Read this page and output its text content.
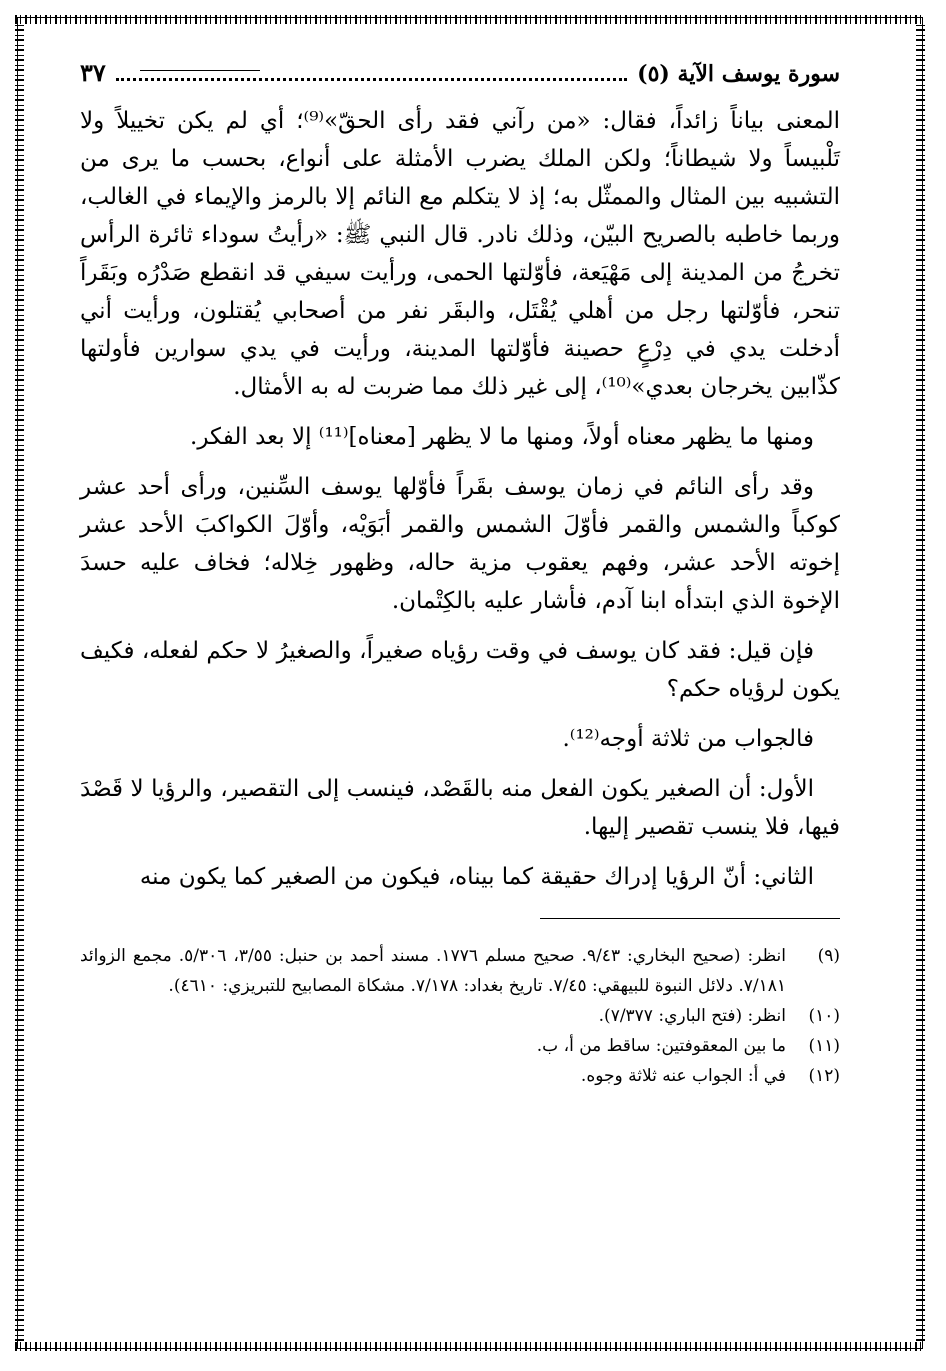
سورة يوسف الآية (٥)
٣٧

المعنى بياناً زائداً، فقال: «من رآني فقد رأى الحقّ»⁽⁹⁾؛ أي لم يكن تخييلاً ولا تَلْبيساً ولا شيطاناً؛ ولكن الملك يضرب الأمثلة على أنواع، بحسب ما يرى من التشبيه بين المثال والممثّل به؛ إذ لا يتكلم مع النائم إلا بالرمز والإيماء في الغالب، وربما خاطبه بالصريح البيّن، وذلك نادر. قال النبي ﷺ: «رأيتُ سوداء ثائرة الرأس تخرجُ من المدينة إلى مَهْيَعة، فأوّلتها الحمى، ورأيت سيفي قد انقطع صَدْرُه وبَقَراً تنحر، فأوّلتها رجل من أهلي يُقْتَل، والبقَر نفر من أصحابي يُقتلون، ورأيت أني أدخلت يدي في دِرْعٍ حصينة فأوّلتها المدينة، ورأيت في يدي سوارين فأولتها كذّابين يخرجان بعدي»⁽¹⁰⁾، إلى غير ذلك مما ضربت له به الأمثال.

ومنها ما يظهر معناه أولاً، ومنها ما لا يظهر [معناه]⁽¹¹⁾ إلا بعد الفكر.

وقد رأى النائم في زمان يوسف بقَراً فأوّلها يوسف السِّنين، ورأى أحد عشر كوكباً والشمس والقمر فأوّلَ الشمس والقمر أبَوَيْه، وأوّلَ الكواكبَ الأحد عشر إخوته الأحد عشر، وفهم يعقوب مزية حاله، وظهور خِلاله؛ فخاف عليه حسدَ الإخوة الذي ابتدأه ابنا آدم، فأشار عليه بالكِتْمان.

فإن قيل: فقد كان يوسف في وقت رؤياه صغيراً، والصغيرُ لا حكم لفعله، فكيف يكون لرؤياه حكم؟

فالجواب من ثلاثة أوجه⁽¹²⁾.

الأول: أن الصغير يكون الفعل منه بالقَصْد، فينسب إلى التقصير، والرؤيا لا قَصْدَ فيها، فلا ينسب تقصير إليها.

الثاني: أنّ الرؤيا إدراك حقيقة كما بيناه، فيكون من الصغير كما يكون منه

(٩)
انظر: (صحيح البخاري: ٩/٤٣. صحيح مسلم ١٧٧٦. مسند أحمد بن حنبل: ٣/٥٥، ٥/٣٠٦. مجمع الزوائد ٧/١٨١. دلائل النبوة للبيهقي: ٧/٤٥. تاريخ بغداد: ٧/١٧٨. مشكاة المصابيح للتبريزي: ٤٦١٠).
(١٠)
انظر: (فتح الباري: ٧/٣٧٧).
(١١)
ما بين المعقوفتين: ساقط من أ، ب.
(١٢)
في أ: الجواب عنه ثلاثة وجوه.
